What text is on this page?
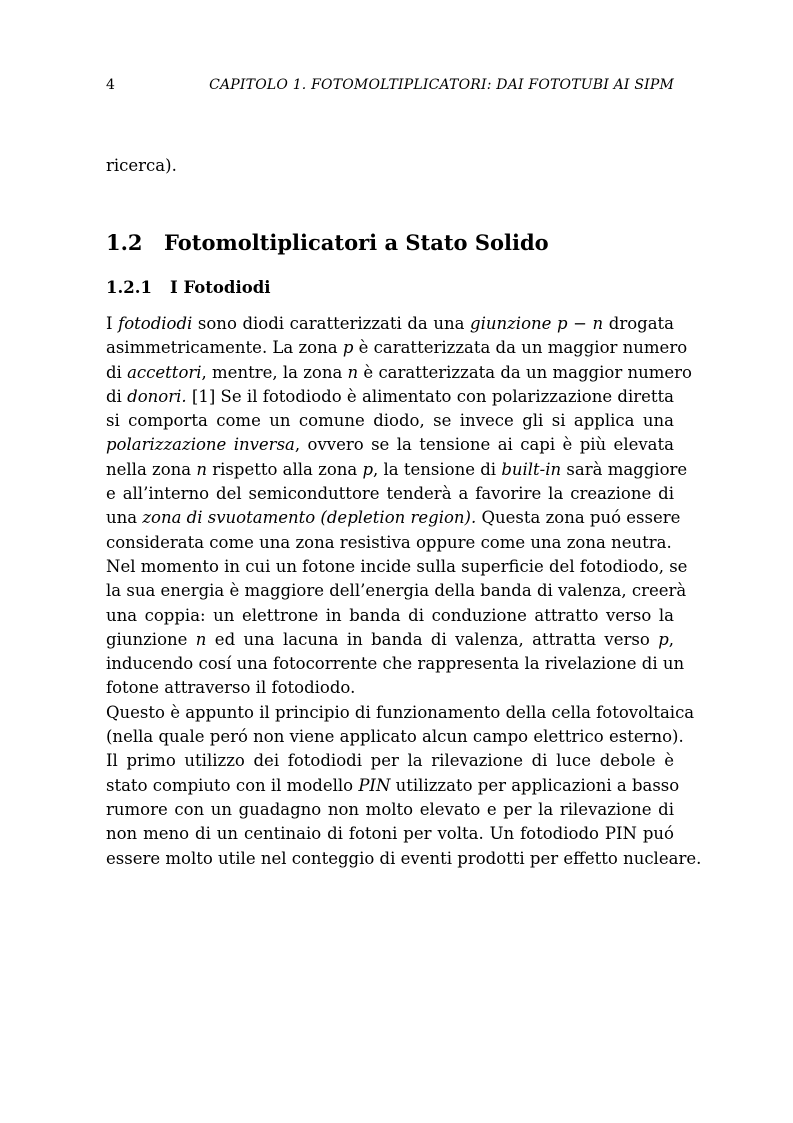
4	CAPITOLO 1. FOTOMOLTIPLICATORI: DAI FOTOTUBI AI SIPM
ricerca).
1.2 Fotomoltiplicatori a Stato Solido
1.2.1 I Fotodiodi
I fotodiodi sono diodi caratterizzati da una giunzione p − n drogata
asimmetricamente. La zona p è caratterizzata da un maggior numero
di accettori, mentre, la zona n è caratterizzata da un maggior numero
di donori. [1] Se il fotodiodo è alimentato con polarizzazione diretta
si comporta come un comune diodo, se invece gli si applica una
polarizzazione inversa, ovvero se la tensione ai capi è più elevata
nella zona n rispetto alla zona p, la tensione di built-in sarà maggiore
e all’interno del semiconduttore tenderà a favorire la creazione di
una zona di svuotamento (depletion region). Questa zona puó essere
considerata come una zona resistiva oppure come una zona neutra.
Nel momento in cui un fotone incide sulla superficie del fotodiodo, se
la sua energia è maggiore dell’energia della banda di valenza, creerà
una coppia: un elettrone in banda di conduzione attratto verso la
giunzione n ed una lacuna in banda di valenza, attratta verso p,
inducendo cosí una fotocorrente che rappresenta la rivelazione di un
fotone attraverso il fotodiodo.
Questo è appunto il principio di funzionamento della cella fotovoltaica
(nella quale peró non viene applicato alcun campo elettrico esterno).
Il primo utilizzo dei fotodiodi per la rilevazione di luce debole è
stato compiuto con il modello PIN utilizzato per applicazioni a basso
rumore con un guadagno non molto elevato e per la rilevazione di
non meno di un centinaio di fotoni per volta. Un fotodiodo PIN puó
essere molto utile nel conteggio di eventi prodotti per effetto nucleare.
